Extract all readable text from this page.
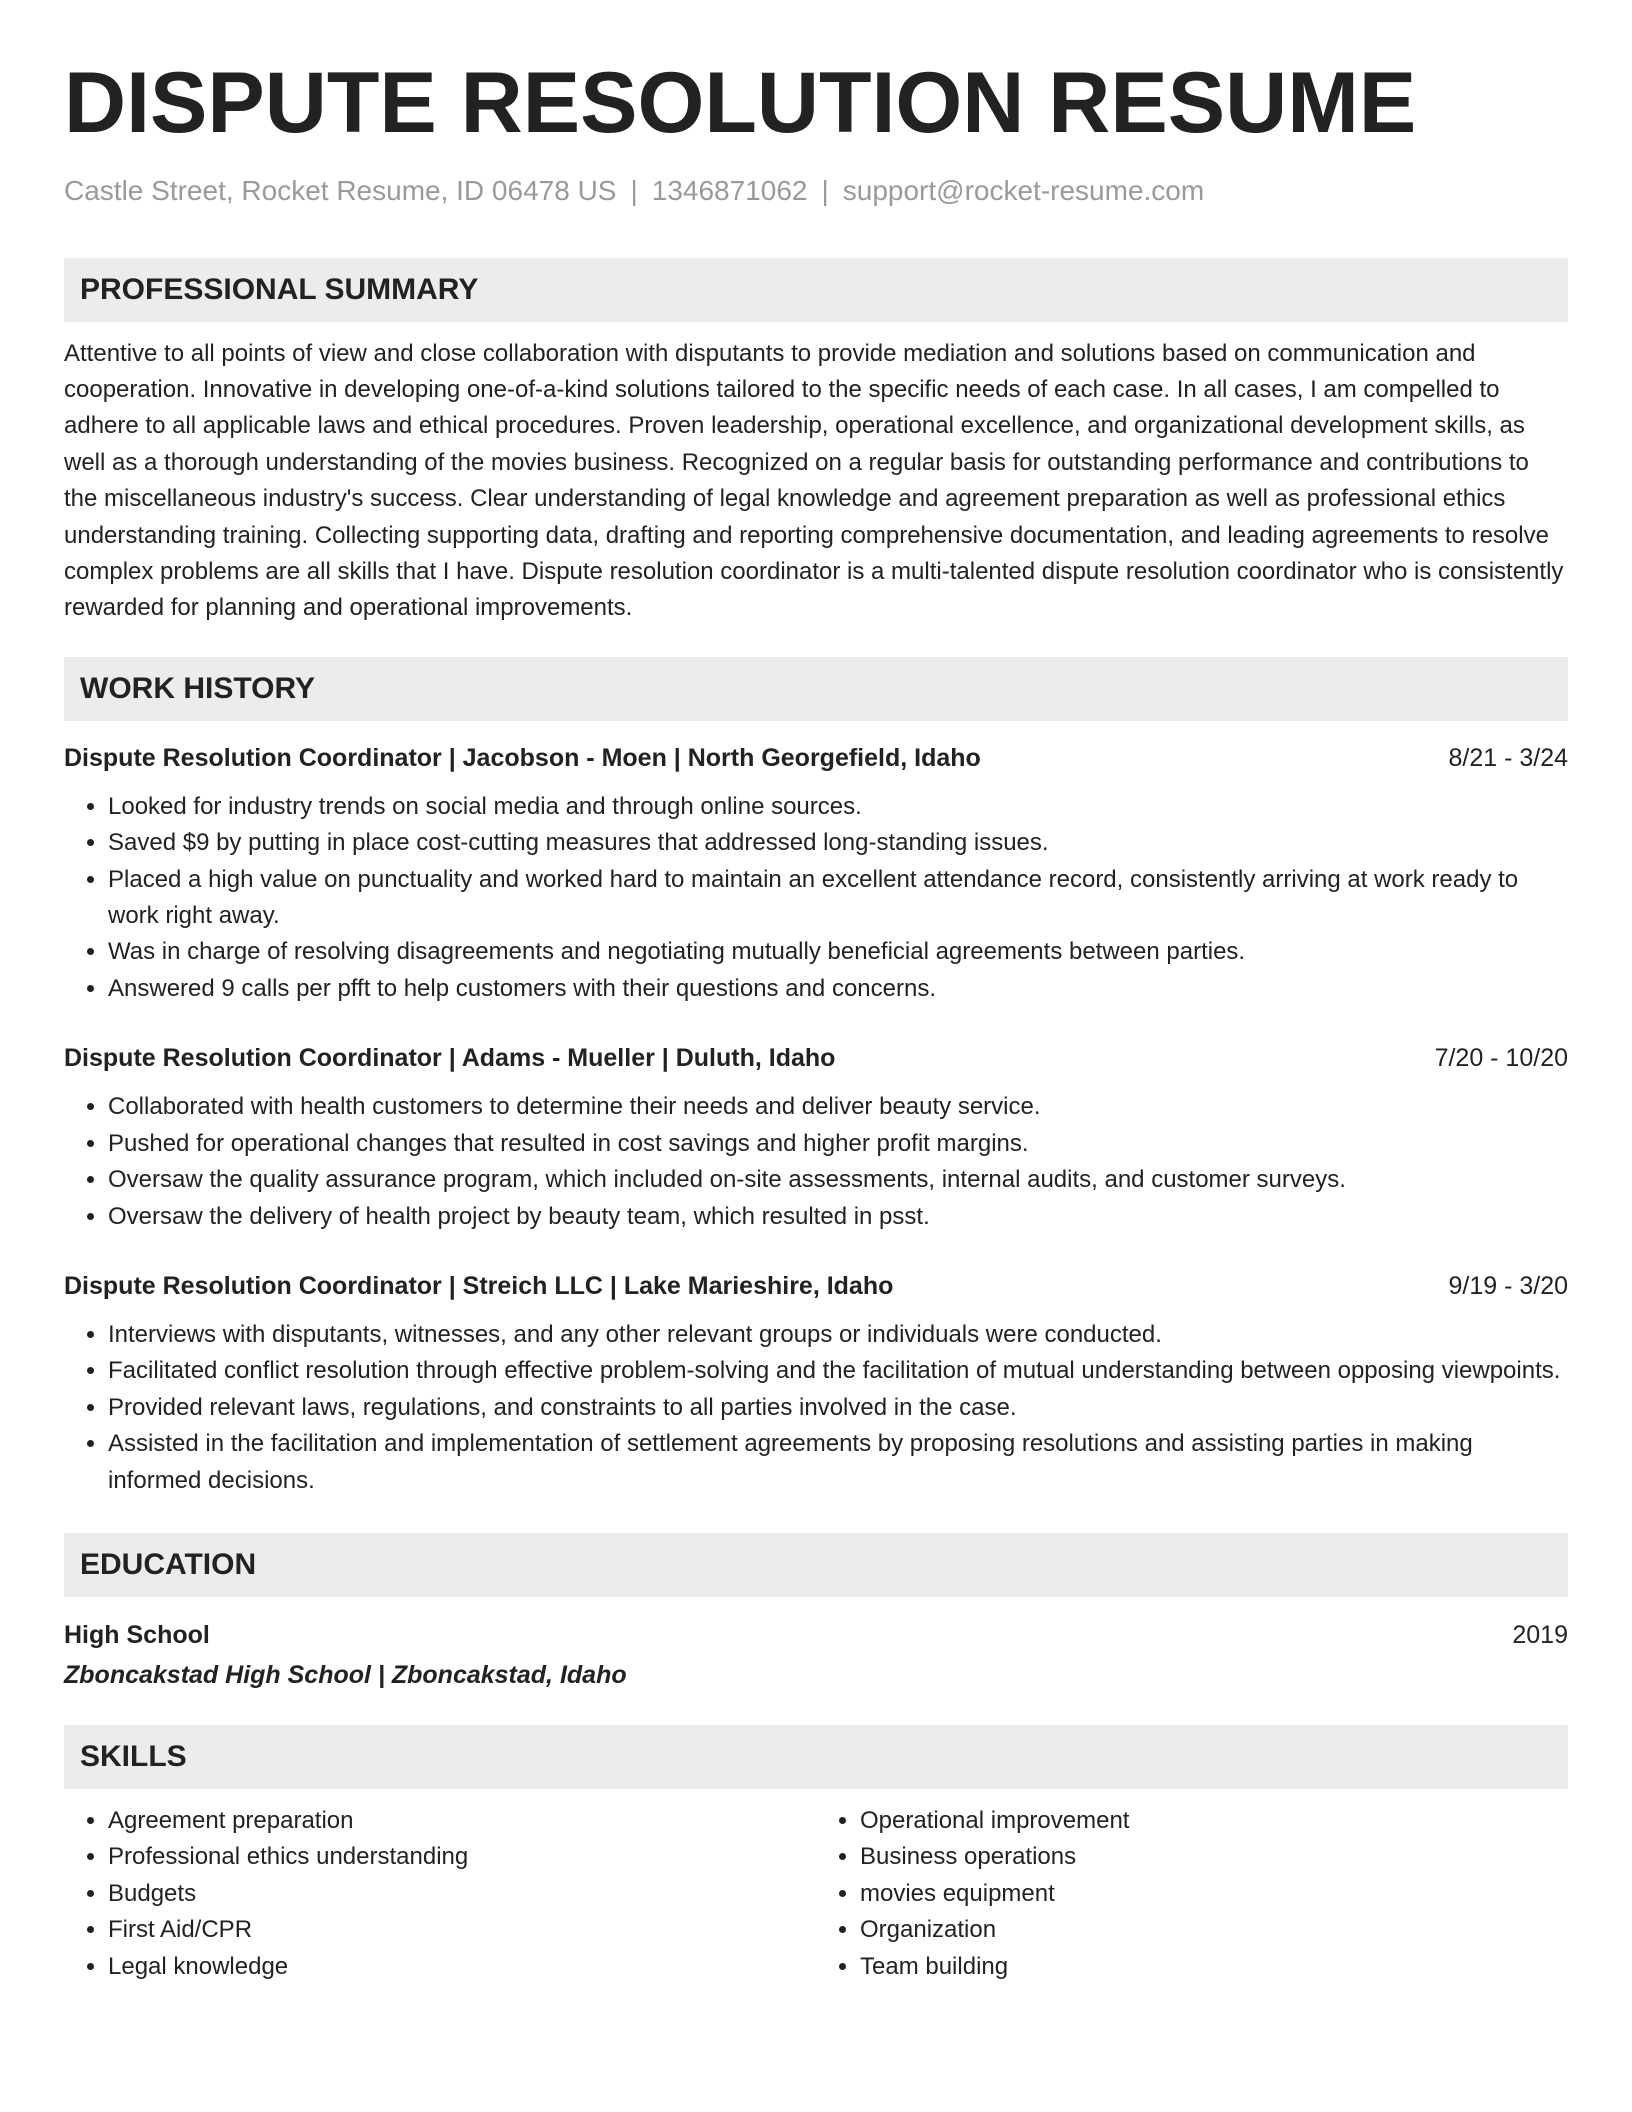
DISPUTE RESOLUTION RESUME
Castle Street, Rocket Resume, ID 06478 US | 1346871062 | support@rocket-resume.com
PROFESSIONAL SUMMARY
Attentive to all points of view and close collaboration with disputants to provide mediation and solutions based on communication and cooperation. Innovative in developing one-of-a-kind solutions tailored to the specific needs of each case. In all cases, I am compelled to adhere to all applicable laws and ethical procedures. Proven leadership, operational excellence, and organizational development skills, as well as a thorough understanding of the movies business. Recognized on a regular basis for outstanding performance and contributions to the miscellaneous industry's success. Clear understanding of legal knowledge and agreement preparation as well as professional ethics understanding training. Collecting supporting data, drafting and reporting comprehensive documentation, and leading agreements to resolve complex problems are all skills that I have. Dispute resolution coordinator is a multi-talented dispute resolution coordinator who is consistently rewarded for planning and operational improvements.
WORK HISTORY
Dispute Resolution Coordinator | Jacobson - Moen | North Georgefield, Idaho	8/21 - 3/24
• Looked for industry trends on social media and through online sources.
• Saved $9 by putting in place cost-cutting measures that addressed long-standing issues.
• Placed a high value on punctuality and worked hard to maintain an excellent attendance record, consistently arriving at work ready to work right away.
• Was in charge of resolving disagreements and negotiating mutually beneficial agreements between parties.
• Answered 9 calls per pfft to help customers with their questions and concerns.
Dispute Resolution Coordinator | Adams - Mueller | Duluth, Idaho	7/20 - 10/20
• Collaborated with health customers to determine their needs and deliver beauty service.
• Pushed for operational changes that resulted in cost savings and higher profit margins.
• Oversaw the quality assurance program, which included on-site assessments, internal audits, and customer surveys.
• Oversaw the delivery of health project by beauty team, which resulted in psst.
Dispute Resolution Coordinator | Streich LLC | Lake Marieshire, Idaho	9/19 - 3/20
• Interviews with disputants, witnesses, and any other relevant groups or individuals were conducted.
• Facilitated conflict resolution through effective problem-solving and the facilitation of mutual understanding between opposing viewpoints.
• Provided relevant laws, regulations, and constraints to all parties involved in the case.
• Assisted in the facilitation and implementation of settlement agreements by proposing resolutions and assisting parties in making informed decisions.
EDUCATION
High School	2019
Zboncakstad High School | Zboncakstad, Idaho
SKILLS
• Agreement preparation
• Professional ethics understanding
• Budgets
• First Aid/CPR
• Legal knowledge
• Operational improvement
• Business operations
• movies equipment
• Organization
• Team building
